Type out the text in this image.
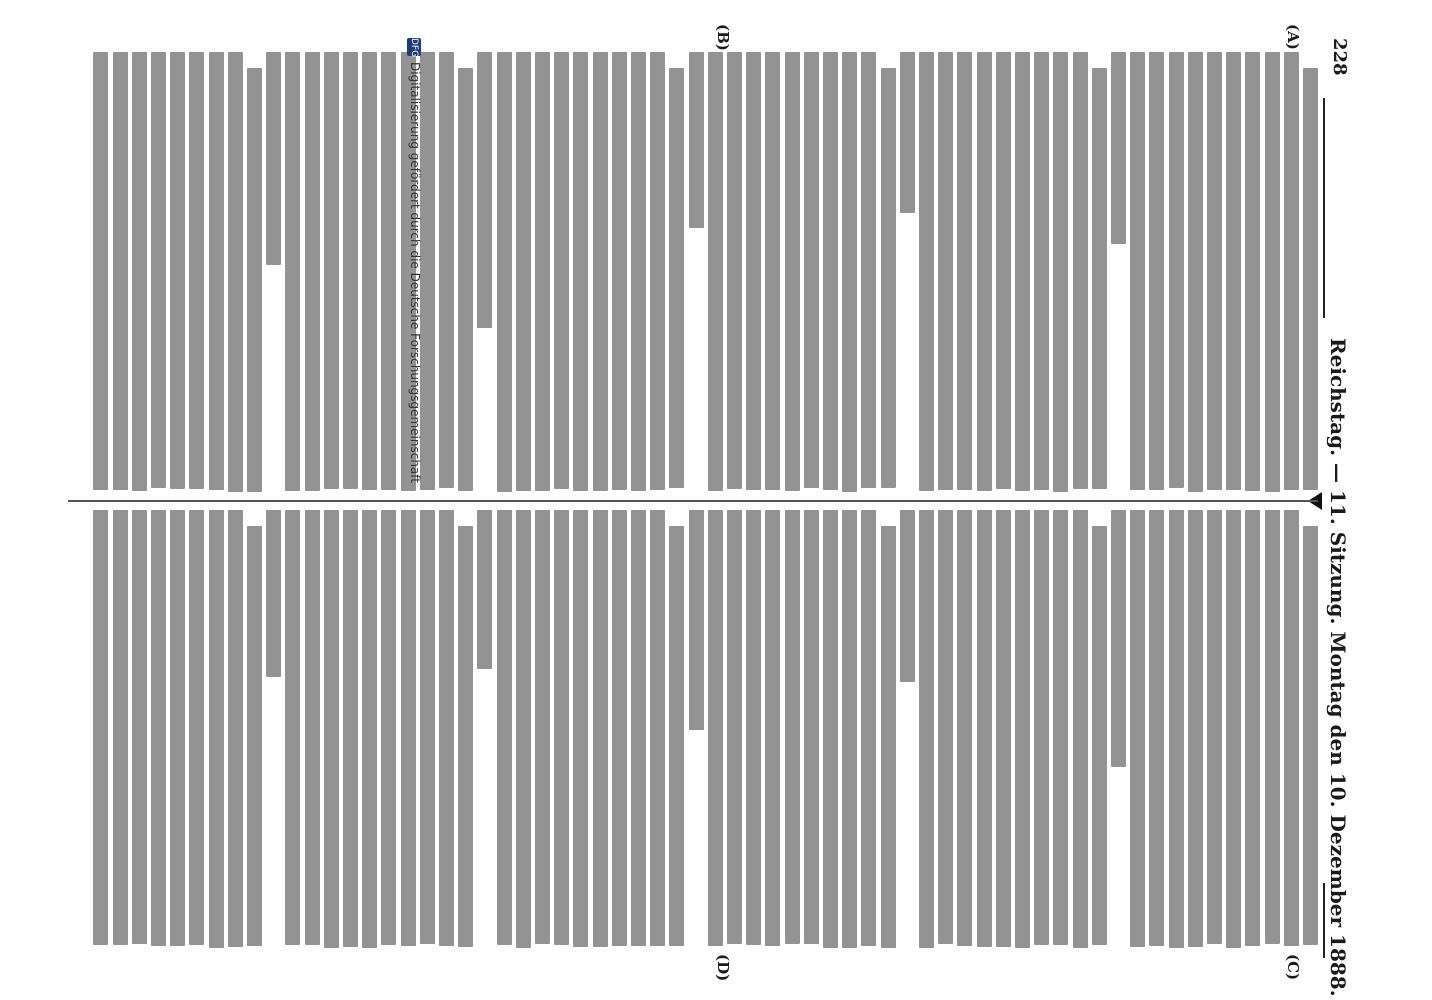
228
Reichstag. — 11. Sitzung. Montag den 10. Dezember 1888.
(A)
(B)
(C)
(D)
DFG
Digitalisierung gefördert durch die Deutsche Forschungsgemeinschaft
